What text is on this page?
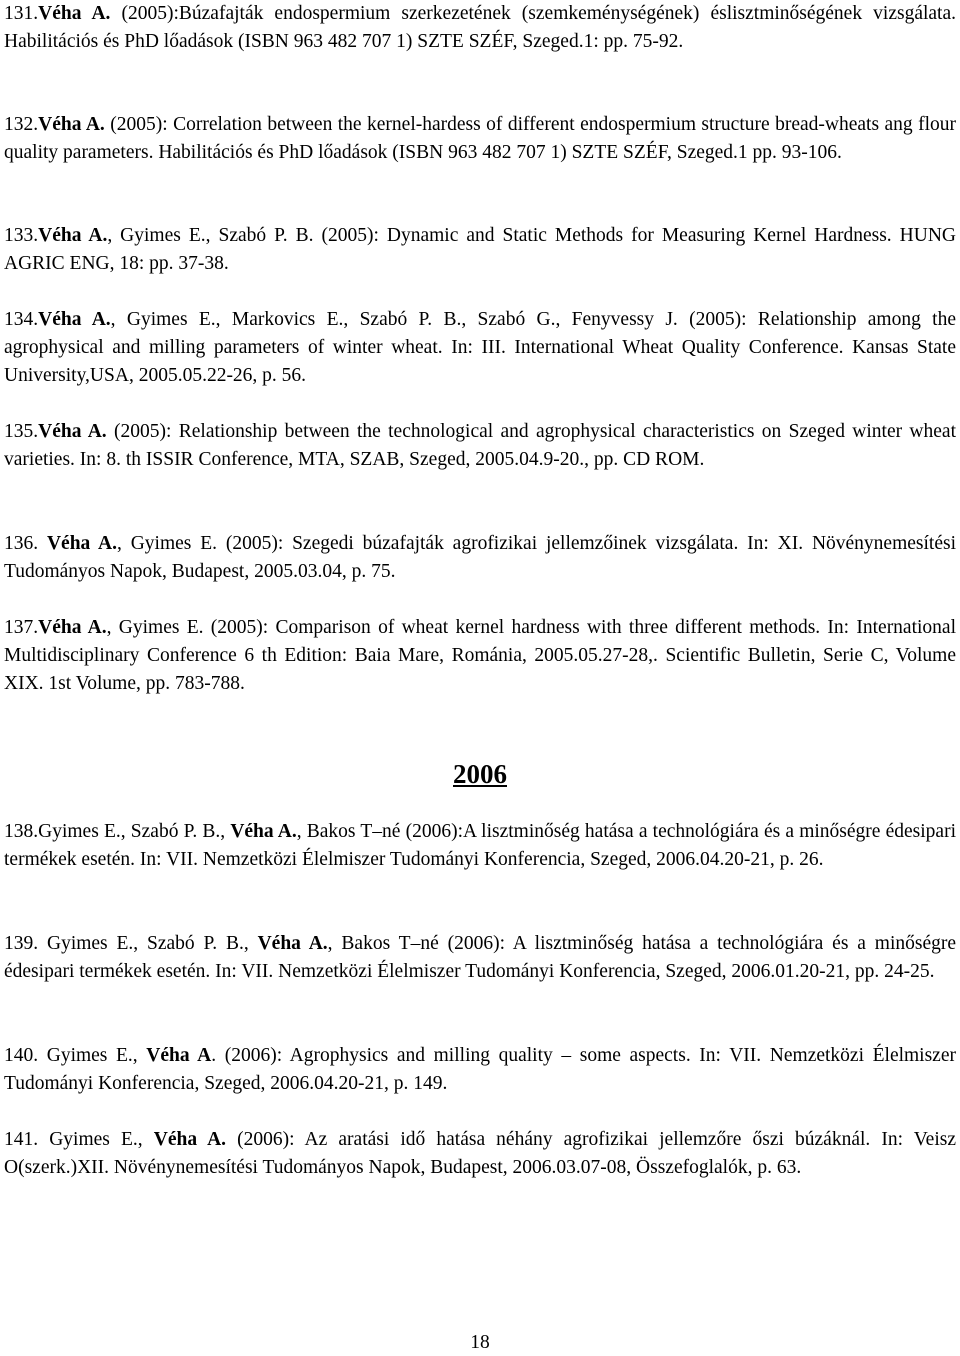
131.Véha A. (2005):Búzafajták endospermium szerkezetének (szemkeménységének) éslisztminőségének vizsgálata. Habilitációs és PhD lőadások (ISBN 963 482 707 1) SZTE SZÉF, Szeged.1: pp. 75-92.
132.Véha A. (2005): Correlation between the kernel-hardess of different endospermium structure bread-wheats ang flour quality parameters. Habilitációs és PhD lőadások (ISBN 963 482 707 1) SZTE SZÉF, Szeged.1 pp. 93-106.
133.Véha A., Gyimes E., Szabó P. B. (2005): Dynamic and Static Methods for Measuring Kernel Hardness. HUNG AGRIC ENG, 18: pp. 37-38.
134.Véha A., Gyimes E., Markovics E., Szabó P. B., Szabó G., Fenyvessy J. (2005): Relationship among the agrophysical and milling parameters of winter wheat. In: III. International Wheat Quality Conference. Kansas State University,USA, 2005.05.22-26, p. 56.
135.Véha A. (2005): Relationship between the technological and agrophysical characteristics on Szeged winter wheat varieties. In: 8. th ISSIR Conference, MTA, SZAB, Szeged, 2005.04.9-20., pp. CD ROM.
136. Véha A., Gyimes E. (2005): Szegedi búzafajták agrofizikai jellemzőinek vizsgálata. In: XI. Növénynemesítési Tudományos Napok, Budapest, 2005.03.04, p. 75.
137.Véha A., Gyimes E. (2005): Comparison of wheat kernel hardness with three different methods. In: International Multidisciplinary Conference 6 th Edition: Baia Mare, Románia, 2005.05.27-28,. Scientific Bulletin, Serie C, Volume XIX. 1st Volume, pp. 783-788.
2006
138.Gyimes E., Szabó P. B., Véha A., Bakos T–né (2006):A lisztminőség hatása a technológiára és a minőségre édesipari termékek esetén. In: VII. Nemzetközi Élelmiszer Tudományi Konferencia, Szeged, 2006.04.20-21, p. 26.
139. Gyimes E., Szabó P. B., Véha A., Bakos T–né (2006): A lisztminőség hatása a technológiára és a minőségre édesipari termékek esetén. In: VII. Nemzetközi Élelmiszer Tudományi Konferencia, Szeged, 2006.01.20-21, pp. 24-25.
140. Gyimes E., Véha A. (2006): Agrophysics and milling quality – some aspects. In: VII. Nemzetközi Élelmiszer Tudományi Konferencia, Szeged, 2006.04.20-21, p. 149.
141. Gyimes E., Véha A. (2006): Az aratási idő hatása néhány agrofizikai jellemzőre őszi búzáknál. In: Veisz O(szerk.)XII. Növénynemesítési Tudományos Napok, Budapest, 2006.03.07-08, Összefoglalók, p. 63.
18
